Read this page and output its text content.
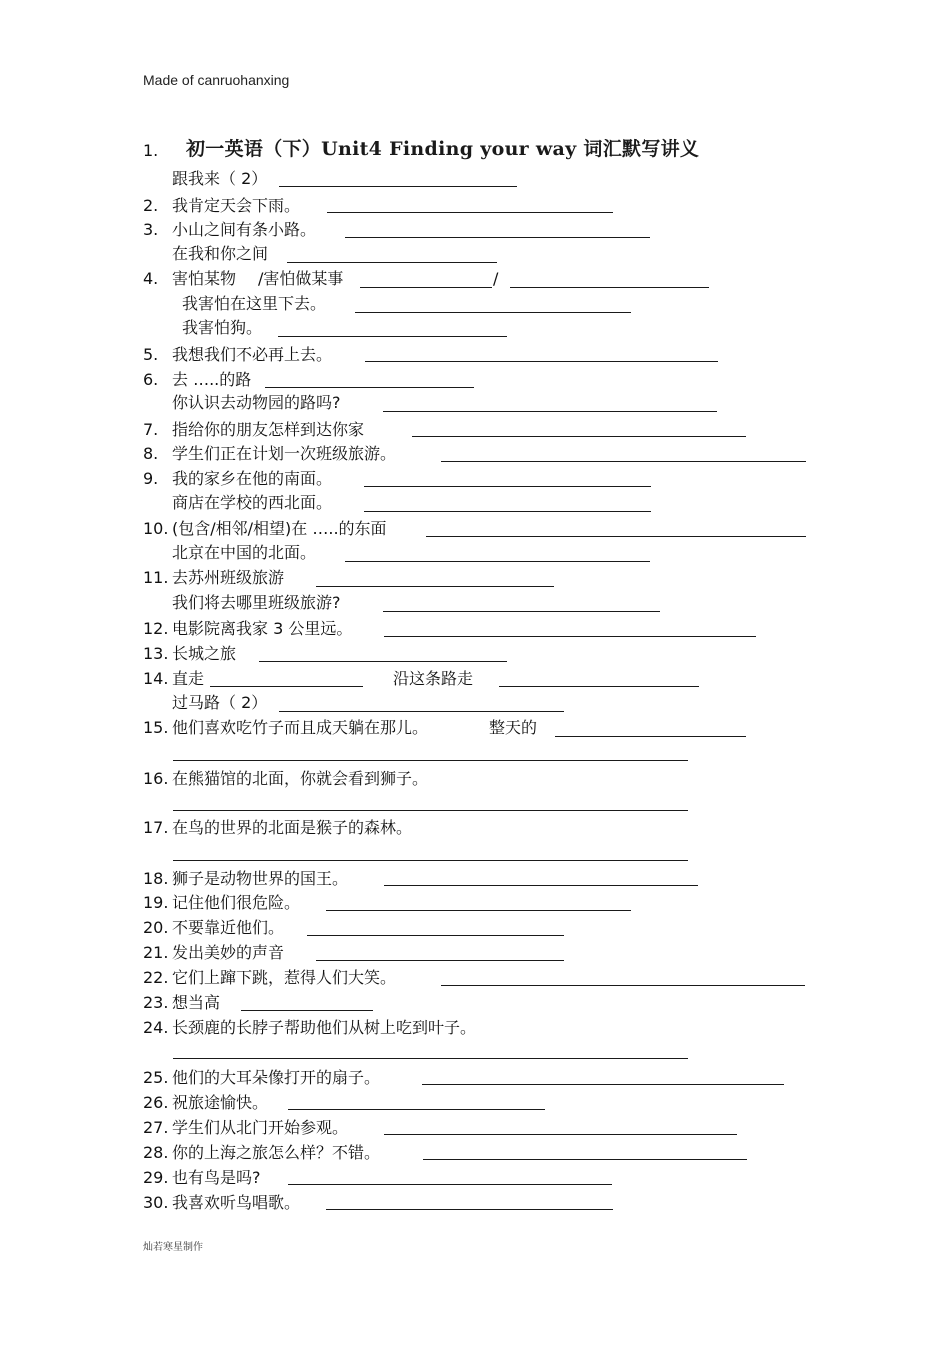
Made of canruohanxing
1. 初一英语（下）Unit4 Finding your way 词汇默写讲义
跟我来（ 2）
2. 我肯定天会下雨。
3. 小山之间有条小路。
在我和你之间
4. 害怕某物 /害怕做某事	/
我害怕在这里下去。
我害怕狗。
5. 我想我们不必再上去。
6. 去 …..的路
你认识去动物园的路吗?
7. 指给你的朋友怎样到达你家
8. 学生们正在计划一次班级旅游。
9. 我的家乡在他的南面。
商店在学校的西北面。
10. (包含/相邻/相望)在 …..的东面
北京在中国的北面。
11. 去苏州班级旅游
我们将去哪里班级旅游?
12. 电影院离我家 3 公里远。
13. 长城之旅
14. 直走	沿这条路走
过马路（ 2）
15. 他们喜欢吃竹子而且成天躺在那儿。	整天的
16. 在熊猫馆的北面，你就会看到狮子。
17. 在鸟的世界的北面是猴子的森林。
18. 狮子是动物世界的国王。
19. 记住他们很危险。
20. 不要靠近他们。
21. 发出美妙的声音
22. 它们上蹿下跳，惹得人们大笑。
23. 想当高
24. 长颈鹿的长脖子帮助他们从树上吃到叶子。
25. 他们的大耳朵像打开的扇子。
26. 祝旅途愉快。
27. 学生们从北门开始参观。
28. 你的上海之旅怎么样？不错。
29. 也有鸟是吗?
30. 我喜欢听鸟唱歌。
灿若寒星制作
